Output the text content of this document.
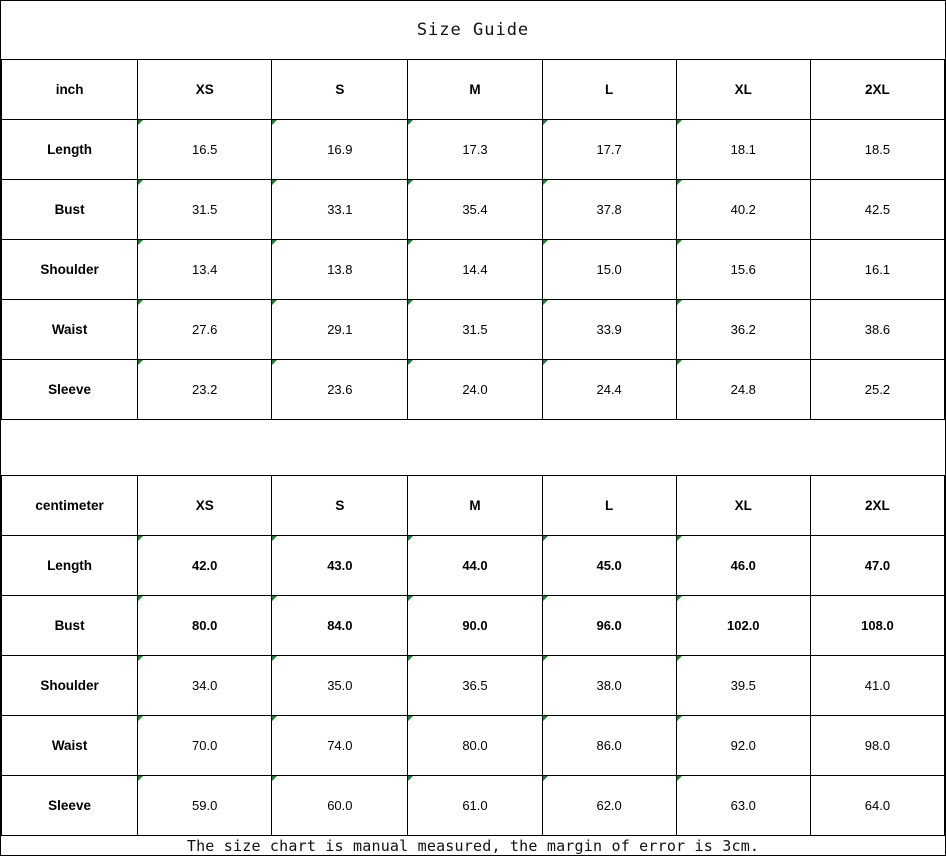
Size Guide
inch	XS	S	M	L	XL	2XL
Length	16.5	16.9	17.3	17.7	18.1	18.5
Bust	31.5	33.1	35.4	37.8	40.2	42.5
Shoulder	13.4	13.8	14.4	15.0	15.6	16.1
Waist	27.6	29.1	31.5	33.9	36.2	38.6
Sleeve	23.2	23.6	24.0	24.4	24.8	25.2
centimeter	XS	S	M	L	XL	2XL
Length	42.0	43.0	44.0	45.0	46.0	47.0
Bust	80.0	84.0	90.0	96.0	102.0	108.0
Shoulder	34.0	35.0	36.5	38.0	39.5	41.0
Waist	70.0	74.0	80.0	86.0	92.0	98.0
Sleeve	59.0	60.0	61.0	62.0	63.0	64.0
The size chart is manual measured, the margin of error is 3cm.
